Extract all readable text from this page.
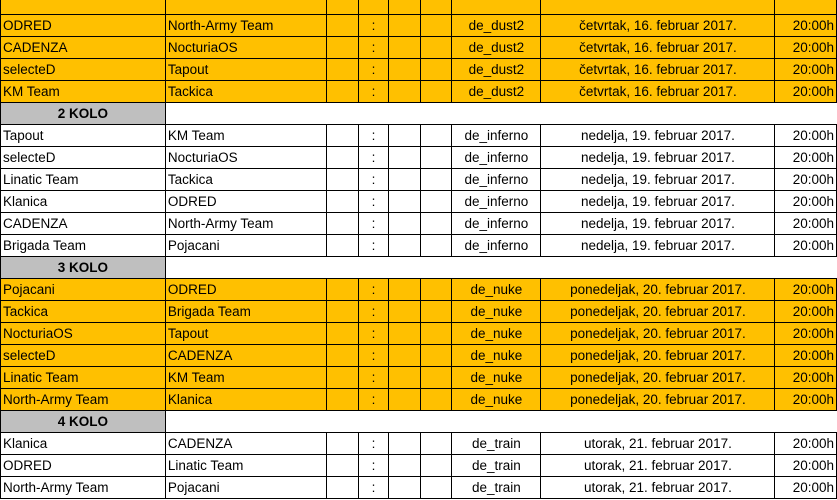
ODRED	North-Army Team		:			de_dust2	četvrtak, 16. februar 2017.	20:00h
CADENZA	NocturiaOS		:			de_dust2	četvrtak, 16. februar 2017.	20:00h
selecteD	Tapout		:			de_dust2	četvrtak, 16. februar 2017.	20:00h
KM Team	Tackica		:			de_dust2	četvrtak, 16. februar 2017.	20:00h
2 KOLO								
Tapout	KM Team		:			de_inferno	nedelja, 19. februar 2017.	20:00h
selecteD	NocturiaOS		:			de_inferno	nedelja, 19. februar 2017.	20:00h
Linatic Team	Tackica		:			de_inferno	nedelja, 19. februar 2017.	20:00h
Klanica	ODRED		:			de_inferno	nedelja, 19. februar 2017.	20:00h
CADENZA	North-Army Team		:			de_inferno	nedelja, 19. februar 2017.	20:00h
Brigada Team	Pojacani		:			de_inferno	nedelja, 19. februar 2017.	20:00h
3 KOLO								
Pojacani	ODRED		:			de_nuke	ponedeljak, 20. februar 2017.	20:00h
Tackica	Brigada Team		:			de_nuke	ponedeljak, 20. februar 2017.	20:00h
NocturiaOS	Tapout		:			de_nuke	ponedeljak, 20. februar 2017.	20:00h
selecteD	CADENZA		:			de_nuke	ponedeljak, 20. februar 2017.	20:00h
Linatic Team	KM Team		:			de_nuke	ponedeljak, 20. februar 2017.	20:00h
North-Army Team	Klanica		:			de_nuke	ponedeljak, 20. februar 2017.	20:00h
4 KOLO								
Klanica	CADENZA		:			de_train	utorak, 21. februar 2017.	20:00h
ODRED	Linatic Team		:			de_train	utorak, 21. februar 2017.	20:00h
North-Army Team	Pojacani		:			de_train	utorak, 21. februar 2017.	20:00h
